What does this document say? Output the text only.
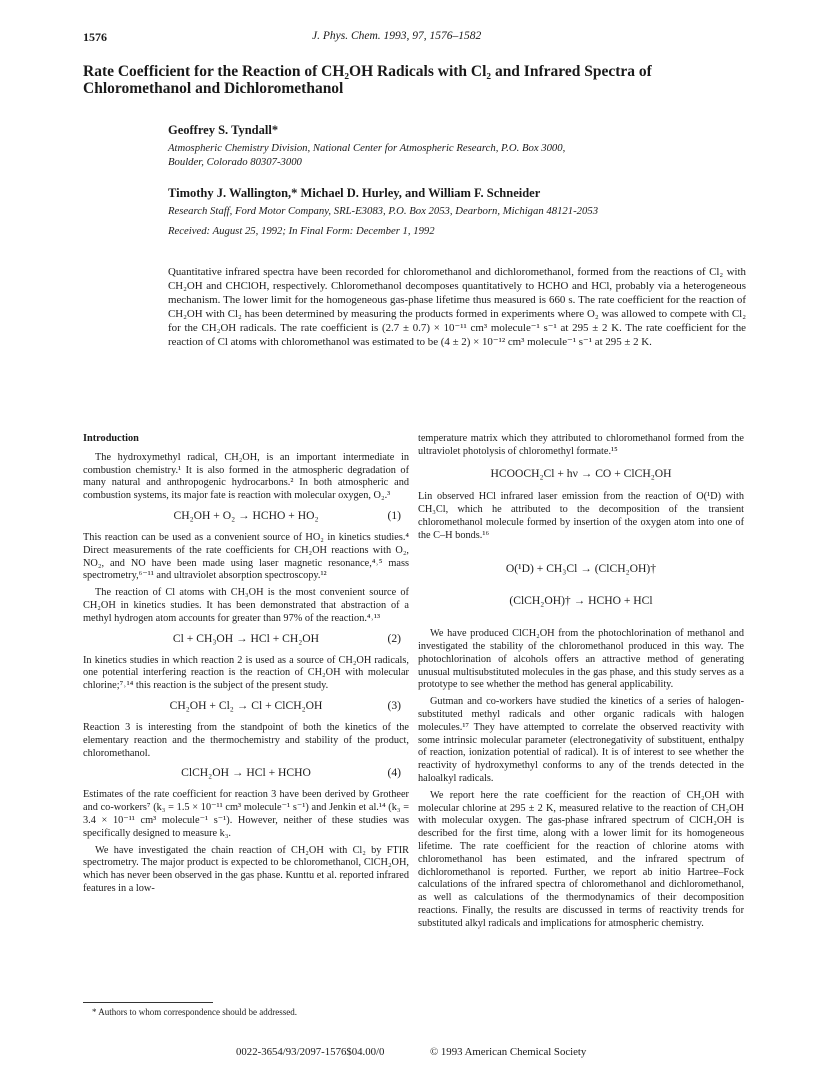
1576	J. Phys. Chem. 1993, 97, 1576–1582
Rate Coefficient for the Reaction of CH₂OH Radicals with Cl₂ and Infrared Spectra of Chloromethanol and Dichloromethanol
Geoffrey S. Tyndall*
Atmospheric Chemistry Division, National Center for Atmospheric Research, P.O. Box 3000,
Boulder, Colorado 80307-3000
Timothy J. Wallington,* Michael D. Hurley, and William F. Schneider
Research Staff, Ford Motor Company, SRL-E3083, P.O. Box 2053, Dearborn, Michigan 48121-2053
Received: August 25, 1992; In Final Form: December 1, 1992
Quantitative infrared spectra have been recorded for chloromethanol and dichloromethanol, formed from the reactions of Cl₂ with CH₂OH and CHClOH, respectively. Chloromethanol decomposes quantitatively to HCHO and HCl, probably via a heterogeneous mechanism. The lower limit for the homogeneous gas-phase lifetime thus measured is 660 s. The rate coefficient for the reaction of CH₂OH with Cl₂ has been determined by measuring the products formed in experiments where O₂ was allowed to compete with Cl₂ for the CH₂OH radicals. The rate coefficient is (2.7 ± 0.7) × 10⁻¹¹ cm³ molecule⁻¹ s⁻¹ at 295 ± 2 K. The rate coefficient for the reaction of Cl atoms with chloromethanol was estimated to be (4 ± 2) × 10⁻¹² cm³ molecule⁻¹ s⁻¹ at 295 ± 2 K.
Introduction

The hydroxymethyl radical, CH₂OH, is an important intermediate in combustion chemistry.¹ It is also formed in the atmospheric degradation of many natural and anthropogenic hydrocarbons.² In both atmospheric and combustion systems, its major fate is reaction with molecular oxygen, O₂.³

CH₂OH + O₂ → HCHO + HO₂	(1)

This reaction can be used as a convenient source of HO₂ in kinetics studies.⁴ Direct measurements of the rate coefficients for CH₂OH reactions with O₂, NO₂, and NO have been made using laser magnetic resonance,⁴˒⁵ mass spectrometry,⁶⁻¹¹ and ultraviolet absorption spectroscopy.¹²

The reaction of Cl atoms with CH₃OH is the most convenient source of CH₂OH in kinetics studies. It has been demonstrated that abstraction of a methyl hydrogen atom accounts for greater than 97% of the reaction.⁴˒¹³

Cl + CH₃OH → HCl + CH₂OH	(2)

In kinetics studies in which reaction 2 is used as a source of CH₂OH radicals, one potential interfering reaction is the reaction of CH₂OH with molecular chlorine;⁷˒¹⁴ this reaction is the subject of the present study.

CH₂OH + Cl₂ → Cl + ClCH₂OH	(3)

Reaction 3 is interesting from the standpoint of both the kinetics of the elementary reaction and the thermochemistry and stability of the product, chloromethanol.

ClCH₂OH → HCl + HCHO	(4)

Estimates of the rate coefficient for reaction 3 have been derived by Grotheer and co-workers⁷ (k₃ = 1.5 × 10⁻¹¹ cm³ molecule⁻¹ s⁻¹) and Jenkin et al.¹⁴ (k₃ = 3.4 × 10⁻¹¹ cm³ molecule⁻¹ s⁻¹). However, neither of these studies was specifically designed to measure k₃.

We have investigated the chain reaction of CH₂OH with Cl₂ by FTIR spectrometry. The major product is expected to be chloromethanol, ClCH₂OH, which has never been observed in the gas phase. Kunttu et al. reported infrared features in a low-

temperature matrix which they attributed to chloromethanol formed from the ultraviolet photolysis of chloromethyl formate.¹⁵

HCOOCH₂Cl + hν → CO + ClCH₂OH

Lin observed HCl infrared laser emission from the reaction of O(¹D) with CH₃Cl, which he attributed to the decomposition of the transient chloromethanol molecule formed by insertion of the oxygen atom into one of the C–H bonds.¹⁶

O(¹D) + CH₃Cl → (ClCH₂OH)†
(ClCH₂OH)† → HCHO + HCl

We have produced ClCH₂OH from the photochlorination of methanol and investigated the stability of the chloromethanol produced in this way. The photochlorination of alcohols offers an attractive method of generating unusual multisubstituted molecules in the gas phase, and this study serves as a prototype to see whether the method has general applicability.

Gutman and co-workers have studied the kinetics of a series of halogen-substituted methyl radicals and other organic radicals with halogen molecules.¹⁷ They have attempted to correlate the observed reactivity with some intrinsic molecular parameter (electronegativity of substituent, enthalpy of reaction, ionization potential of radical). It is of interest to see whether the reactivity of hydroxymethyl conforms to any of the trends detected in the haloalkyl radicals.

We report here the rate coefficient for the reaction of CH₂OH with molecular chlorine at 295 ± 2 K, measured relative to the reaction of CH₂OH with molecular oxygen. The gas-phase infrared spectrum of ClCH₂OH is described for the first time, along with a lower limit for its homogeneous lifetime. The rate coefficient for the reaction of chlorine atoms with chloromethanol has been estimated, and the infrared spectrum of dichloromethanol is reported. Further, we report ab initio Hartree–Fock calculations of the infrared spectra of chloromethanol and dichloromethanol, as well as calculations of the thermodynamics of their decomposition reactions. Finally, the results are discussed in terms of reactivity trends for substituted alkyl radicals and implications for atmospheric chemistry.

* Authors to whom correspondence should be addressed.
0022-3654/93/2097-1576$04.00/0	© 1993 American Chemical Society
